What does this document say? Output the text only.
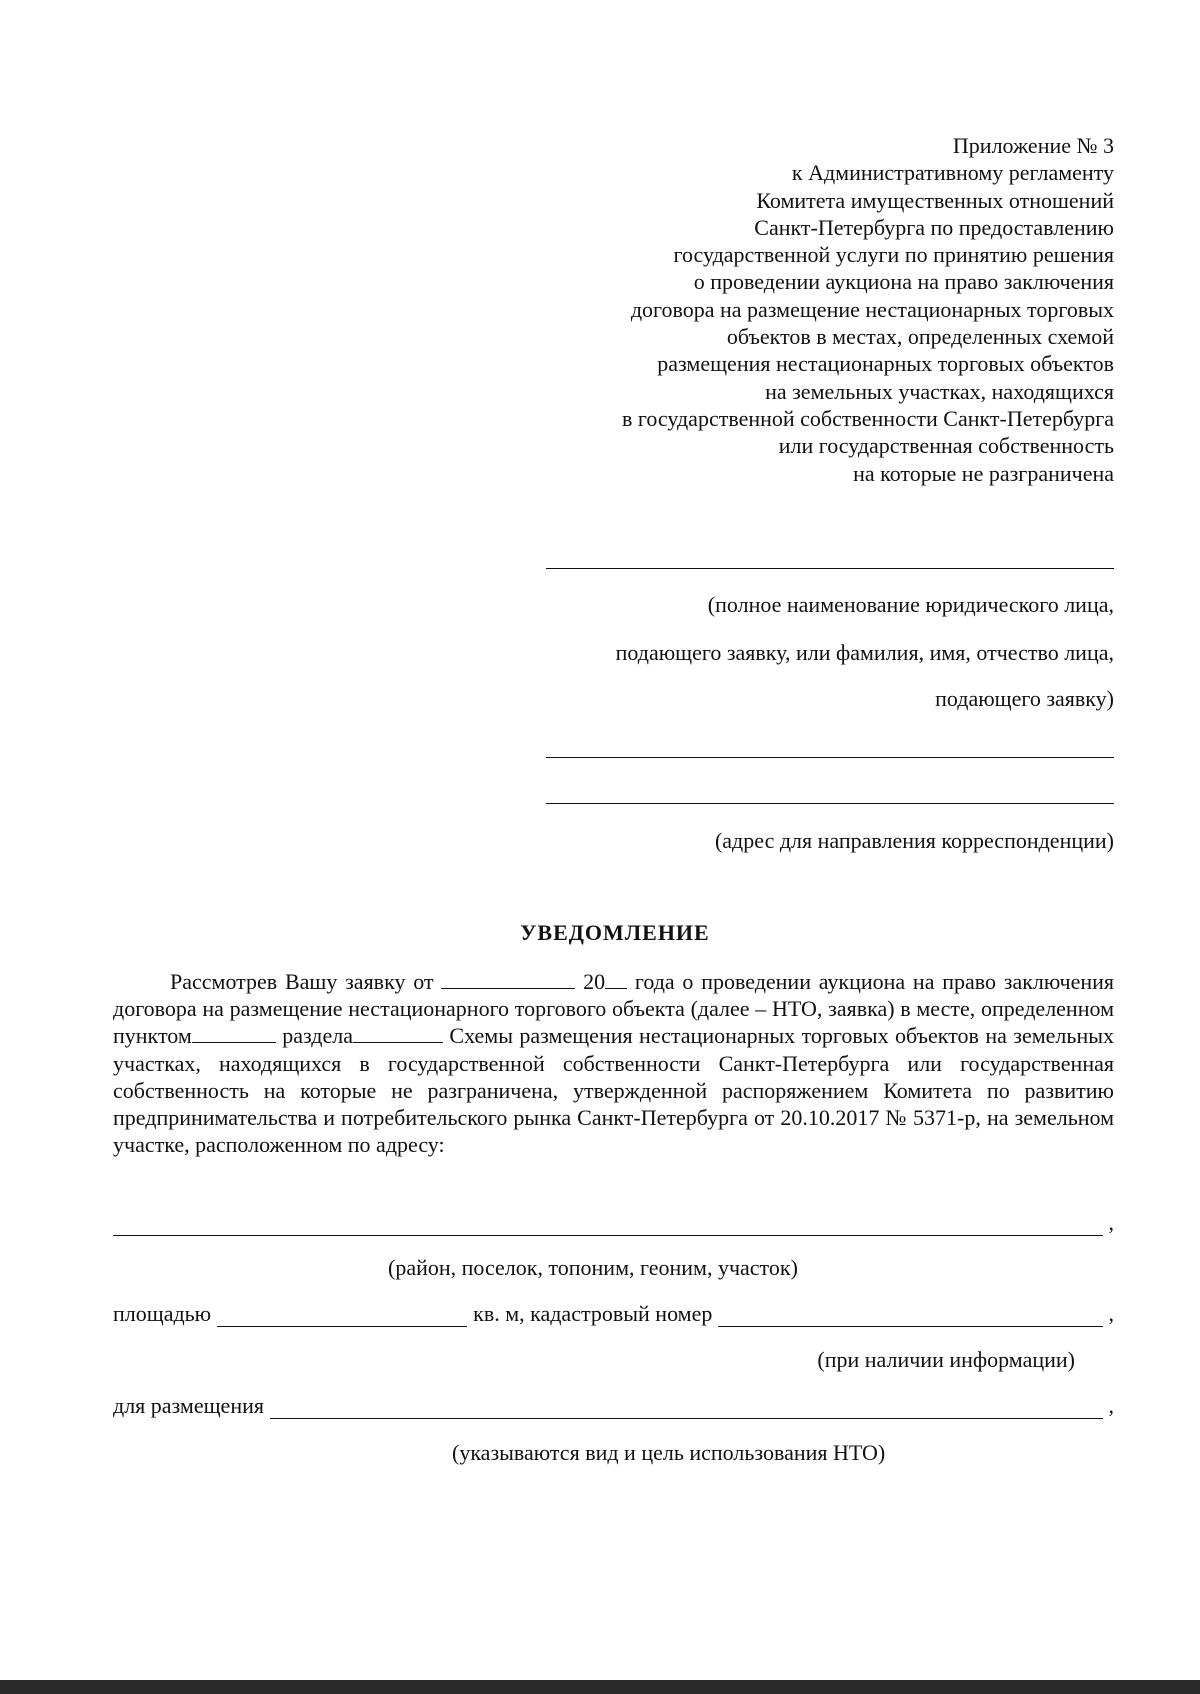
Приложение № 3
к Административному регламенту
Комитета имущественных отношений
Санкт-Петербурга по предоставлению
государственной услуги по принятию решения
о проведении аукциона на право заключения
договора на размещение нестационарных торговых
объектов в местах, определенных схемой
размещения нестационарных торговых объектов
на земельных участках, находящихся
в государственной собственности Санкт-Петербурга
или государственная собственность
на которые не разграничена
(полное наименование юридического лица,
подающего заявку, или фамилия, имя, отчество лица,
подающего заявку)
(адрес для направления корреспонденции)
УВЕДОМЛЕНИЕ

Рассмотрев Вашу заявку от	20 года о проведении аукциона на право заключения договора на размещение нестационарного торгового объекта (далее – НТО, заявка) в месте, определенном пунктом	раздела	Схемы размещения нестационарных торговых объектов на земельных участках, находящихся в государственной собственности Санкт-Петербурга или государственная собственность на которые не разграничена, утвержденной распоряжением Комитета по развитию предпринимательства и потребительского рынка Санкт-Петербурга от 20.10.2017 № 5371-р, на земельном участке, расположенном по адресу:

,
(район, поселок, топоним, геоним, участок)
площадью	кв. м, кадастровый номер	,
(при наличии информации)
для размещения	,
(указываются вид и цель использования НТО)
